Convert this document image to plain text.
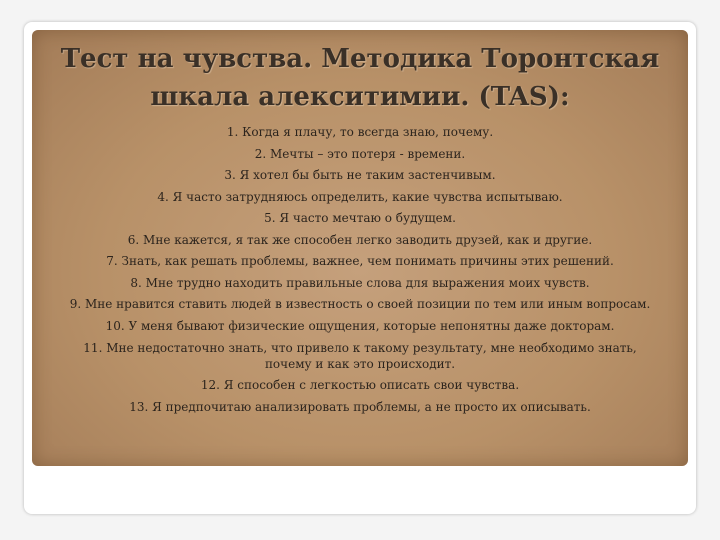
Тест на чувства. Методика Торонтская
шкала алекситимии. (TAS):
1. Когда я плачу, то всегда знаю, почему.
2. Мечты – это потеря - времени.
3. Я хотел бы быть не таким застенчивым.
4. Я часто затрудняюсь определить, какие чувства испытываю.
5. Я часто мечтаю о будущем.
6. Мне кажется, я так же способен легко заводить друзей, как и другие.
7. Знать, как решать проблемы, важнее, чем понимать причины этих решений.
8. Мне трудно находить правильные слова для выражения моих чувств.
9. Мне нравится ставить людей в известность о своей позиции по тем или иным вопросам.
10. У меня бывают физические ощущения, которые непонятны даже докторам.
11. Мне недостаточно знать, что привело к такому результату, мне необходимо знать,
почему и как это происходит.
12. Я способен с легкостью описать свои чувства.
13. Я предпочитаю анализировать проблемы, а не просто их описывать.
